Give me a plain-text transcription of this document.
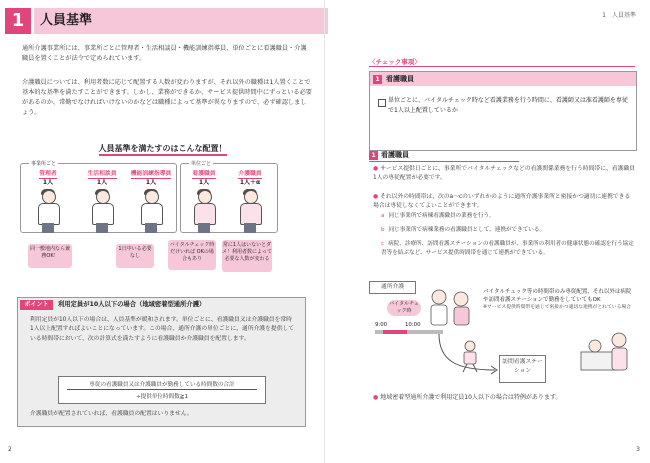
1	人員基準
通所介護事業所には、事業所ごとに管理者・生活相談員・機能訓練指導員、単位ごとに看護職員・介護職員を置くことが法令で定められています。
介護職員については、利用者数に応じて配置する人数が変わりますが、それ以外の職種は1人置くことで基本的な基準を満たすことができます。しかし、業務ができるか、サービス提供時間中にずっといる必要があるのか、常勤でなければいけないのかなどは職種によって基準が異なりますので、必ず確認しましょう。
人員基準を満たすのはこんな配置！
事業所ごと	単位ごと
管理者
1人
生活相談員
1人
機能訓練指導員
1人
看護職員
1人
介護職員
1人＋α
同一敷地内なら兼務OK！
1日中いる必要なし
バイタルチェック時だけいれば OKの場合もあり
常に1人はいないとダメ！利用者数によって必要な人数が変わる
ポイント	利用定員が10人以下の場合（地域密着型通所介護）
利用定員が10人以下の場合は、人員基準が緩和されます。単位ごとに、看護職員又は介護職員を常時1人以上配置すればよいことになっています。この場合、通所介護の単位ごとに、通所介護を提供している時間帯において、次の計算式を満たすように看護職員か介護職員を配置します。
専従の看護職員又は介護職員が勤務している時間数の合計
÷提供単位時間数≧1
介護職員が配置されていれば、看護職員の配置はいりません。
2
1　人員基準
〈チェック事項〉
1 看護職員
単位ごとに、バイタルチェック時など看護業務を行う時間に、看護師又は准看護師を専従で1人以上配置しているか
1 看護職員
● サービス提供日ごとに、事業所でバイタルチェックなどの看護関係業務を行う時間帯に、看護職員1人の専従配置が必要です。
● それ以外の時間帯は、次のa～cのいずれかのように通所介護事業所と密接かつ適切に連携できる場合は専従しなくてよいことができます。
a 同じ事業所で病棟看護職員の業務を行う。
b 同じ事業所で病棟業務の看護職員として、連携ができている。
c 病院、診療所、訪問看護ステーションの看護職員が、事業所の利用者の健康状態の確認を行う協定書等を結ぶなど、サービス提供時間帯を通じて連携ができている。
通所介護
バイタルチェック時
9:00	10:00
バイタルチェック等の時間帯のみ専従配置、それ以外は病院や訪問看護ステーションで勤務をしていてもOK
※サービス提供時間帯を通じて密接かつ適切な連携がとれている場合
訪問看護ステーション
● 地域密着型通所介護で利用定員10人以下の場合は特例があります。
3
